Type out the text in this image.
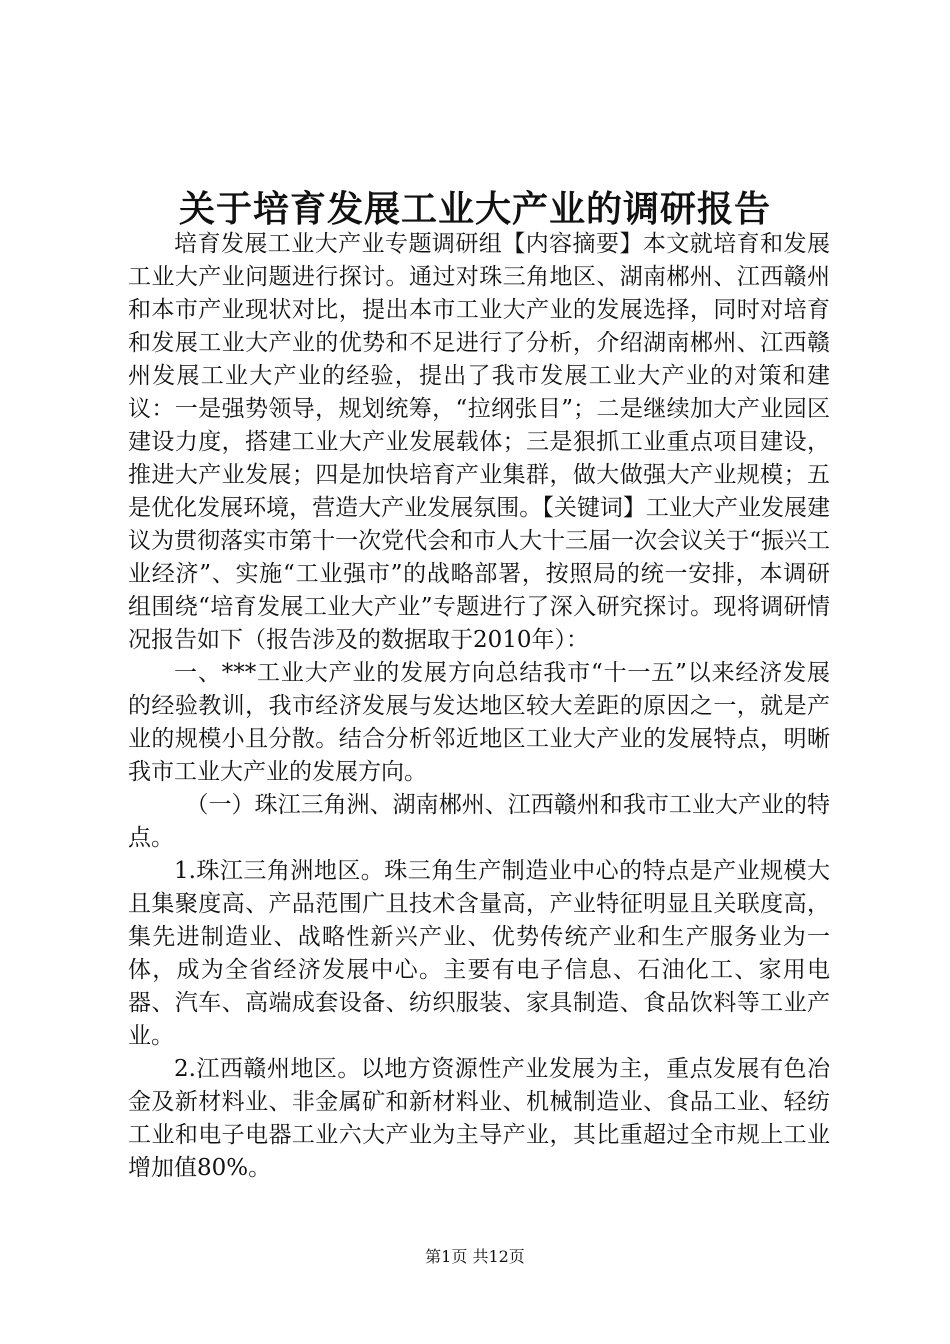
关于培育发展工业大产业的调研报告

培育发展工业大产业专题调研组【内容摘要】本文就培育和发展工业大产业问题进行探讨。通过对珠三角地区、湖南郴州、江西赣州和本市产业现状对比，提出本市工业大产业的发展选择，同时对培育和发展工业大产业的优势和不足进行了分析，介绍湖南郴州、江西赣州发展工业大产业的经验，提出了我市发展工业大产业的对策和建议：一是强势领导，规划统筹，“拉纲张目”；二是继续加大产业园区建设力度，搭建工业大产业发展载体；三是狠抓工业重点项目建设，推进大产业发展；四是加快培育产业集群，做大做强大产业规模；五是优化发展环境，营造大产业发展氛围。【关键词】工业大产业发展建议为贯彻落实市第十一次党代会和市人大十三届一次会议关于“振兴工业经济”、实施“工业强市”的战略部署，按照局的统一安排，本调研组围绕“培育发展工业大产业”专题进行了深入研究探讨。现将调研情况报告如下（报告涉及的数据取于2010年）：

一、***工业大产业的发展方向总结我市“十一五”以来经济发展的经验教训，我市经济发展与发达地区较大差距的原因之一，就是产业的规模小且分散。结合分析邻近地区工业大产业的发展特点，明晰我市工业大产业的发展方向。

（一）珠江三角洲、湖南郴州、江西赣州和我市工业大产业的特点。

1.珠江三角洲地区。珠三角生产制造业中心的特点是产业规模大且集聚度高、产品范围广且技术含量高，产业特征明显且关联度高，集先进制造业、战略性新兴产业、优势传统产业和生产服务业为一体，成为全省经济发展中心。主要有电子信息、石油化工、家用电器、汽车、高端成套设备、纺织服装、家具制造、食品饮料等工业产业。

2.江西赣州地区。以地方资源性产业发展为主，重点发展有色冶金及新材料业、非金属矿和新材料业、机械制造业、食品工业、轻纺工业和电子电器工业六大产业为主导产业，其比重超过全市规上工业增加值80%。

第1页 共12页
